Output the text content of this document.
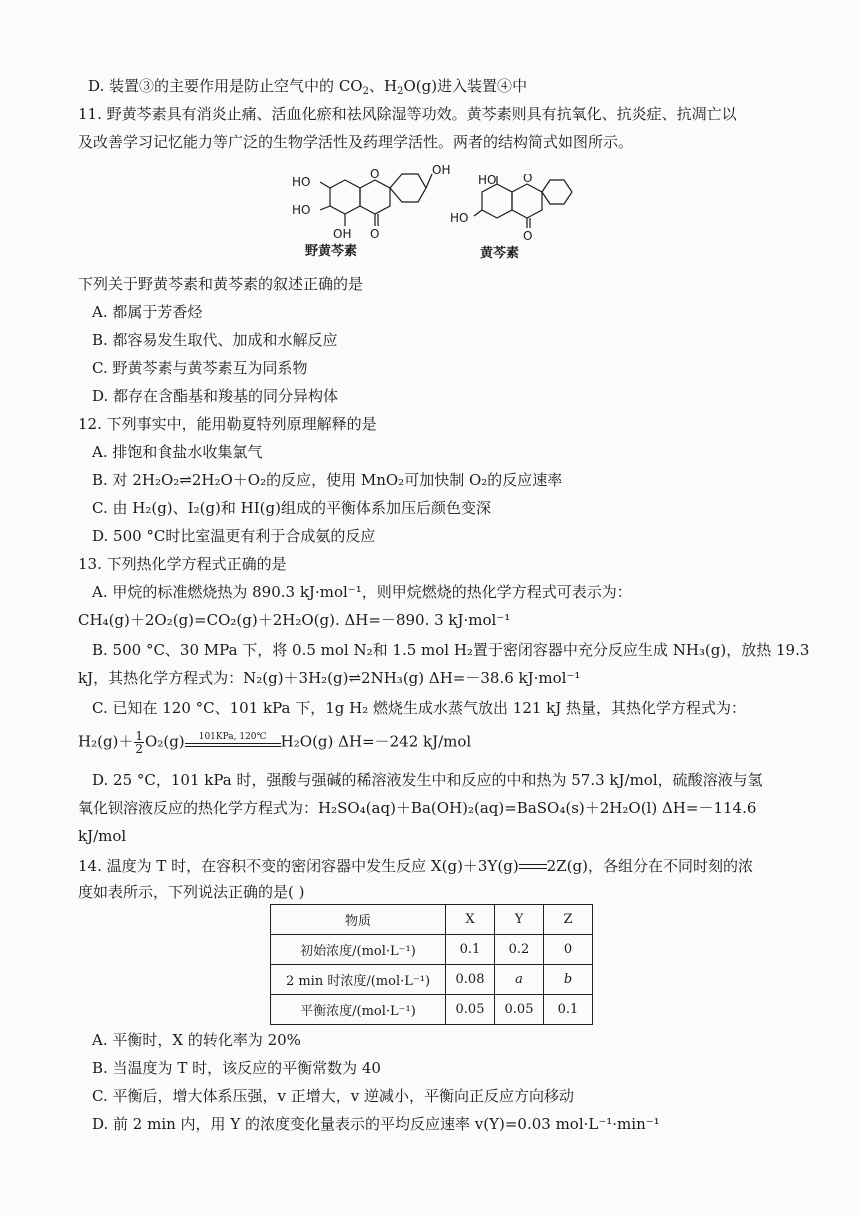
D. 装置③的主要作用是防止空气中的 $CO_2$、$H_2O(g)$进入装置④中
11. 野黄芩素具有消炎止痛、活血化瘀和祛风除湿等功效。黄芩素则具有抗氧化、抗炎症、抗凋亡以
及改善学习记忆能力等广泛的生物学活性及药理学活性。两者的结构简式如图所示。
HO
HO
O	OH
OH O
野黄芩素
HO
HO
O
O
黄芩素
下列关于野黄芩素和黄芩素的叙述正确的是
A. 都属于芳香烃
B. 都容易发生取代、加成和水解反应
C. 野黄芩素与黄芩素互为同系物
D. 都存在含酯基和羧基的同分异构体
12. 下列事实中，能用勒夏特列原理解释的是
A. 排饱和食盐水收集氯气
B. 对 2H₂O₂⇌2H₂O＋O₂的反应，使用 MnO₂可加快制 O₂的反应速率
C. 由 H₂(g)、I₂(g)和 HI(g)组成的平衡体系加压后颜色变深
D. 500 °C时比室温更有利于合成氨的反应
13. 下列热化学方程式正确的是
A. 甲烷的标准燃烧热为 890.3 kJ·mol⁻¹，则甲烷燃烧的热化学方程式可表示为：
CH₄(g)＋2O₂(g)=CO₂(g)＋2H₂O(g). ΔH=－890. 3 kJ·mol⁻¹
B. 500 °C、30 MPa 下，将 0.5 mol N₂和 1.5 mol H₂置于密闭容器中充分反应生成 NH₃(g)，放热 19.3
kJ，其热化学方程式为：N₂(g)＋3H₂(g)⇌2NH₃(g) ΔH=－38.6 kJ·mol⁻¹
C. 已知在 120 °C、101 kPa 下，1g H₂ 燃烧生成水蒸气放出 121 kJ 热量，其热化学方程式为：
$H_2(g)+ \frac{1}{2} O_2(g)$	101KPa, 120℃ H₂O(g) ΔH=－242 kJ/mol
D. 25 °C，101 kPa 时，强酸与强碱的稀溶液发生中和反应的中和热为 57.3 kJ/mol，硫酸溶液与氢
氧化钡溶液反应的热化学方程式为：H₂SO₄(aq)＋Ba(OH)₂(aq)=BaSO₄(s)＋2H₂O(l) ΔH=－114.6
kJ/mol
14. 温度为 T 时，在容积不变的密闭容器中发生反应 X(g)＋3Y(g) 2Z(g)，各组分在不同时刻的浓
度如表所示，下列说法正确的是( )
物质	X	Y	Z
初始浓度/(mol·L⁻¹)	0.1	0.2	0
2 min 时浓度/(mol·L⁻¹)	0.08	a	b
平衡浓度/(mol·L⁻¹)	0.05	0.05	0.1
A. 平衡时，X 的转化率为 20%
B. 当温度为 T 时，该反应的平衡常数为 40
C. 平衡后，增大体系压强，v 正增大，v 逆减小，平衡向正反应方向移动
D. 前 2 min 内，用 Y 的浓度变化量表示的平均反应速率 v(Y)=0.03 mol·L⁻¹·min⁻¹
